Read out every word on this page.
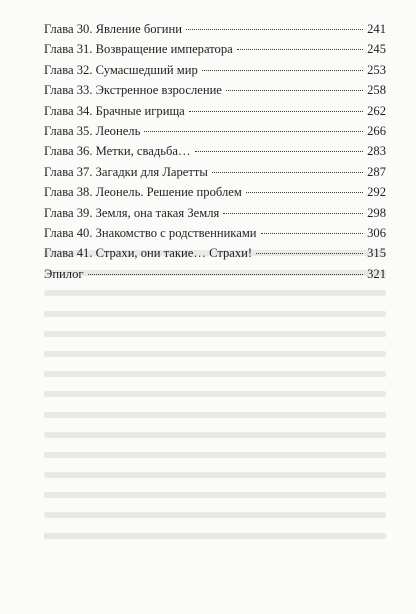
Глава 30. Явление богини	241
Глава 31. Возвращение императора	245
Глава 32. Сумасшедший мир	253
Глава 33. Экстренное взросление	258
Глава 34. Брачные игрища	262
Глава 35. Леонель	266
Глава 36. Метки, свадьба…	283
Глава 37. Загадки для Ларетты	287
Глава 38. Леонель. Решение проблем	292
Глава 39. Земля, она такая Земля	298
Глава 40. Знакомство с родственниками	306
Глава 41. Страхи, они такие… Страхи!	315
Эпилог	321
